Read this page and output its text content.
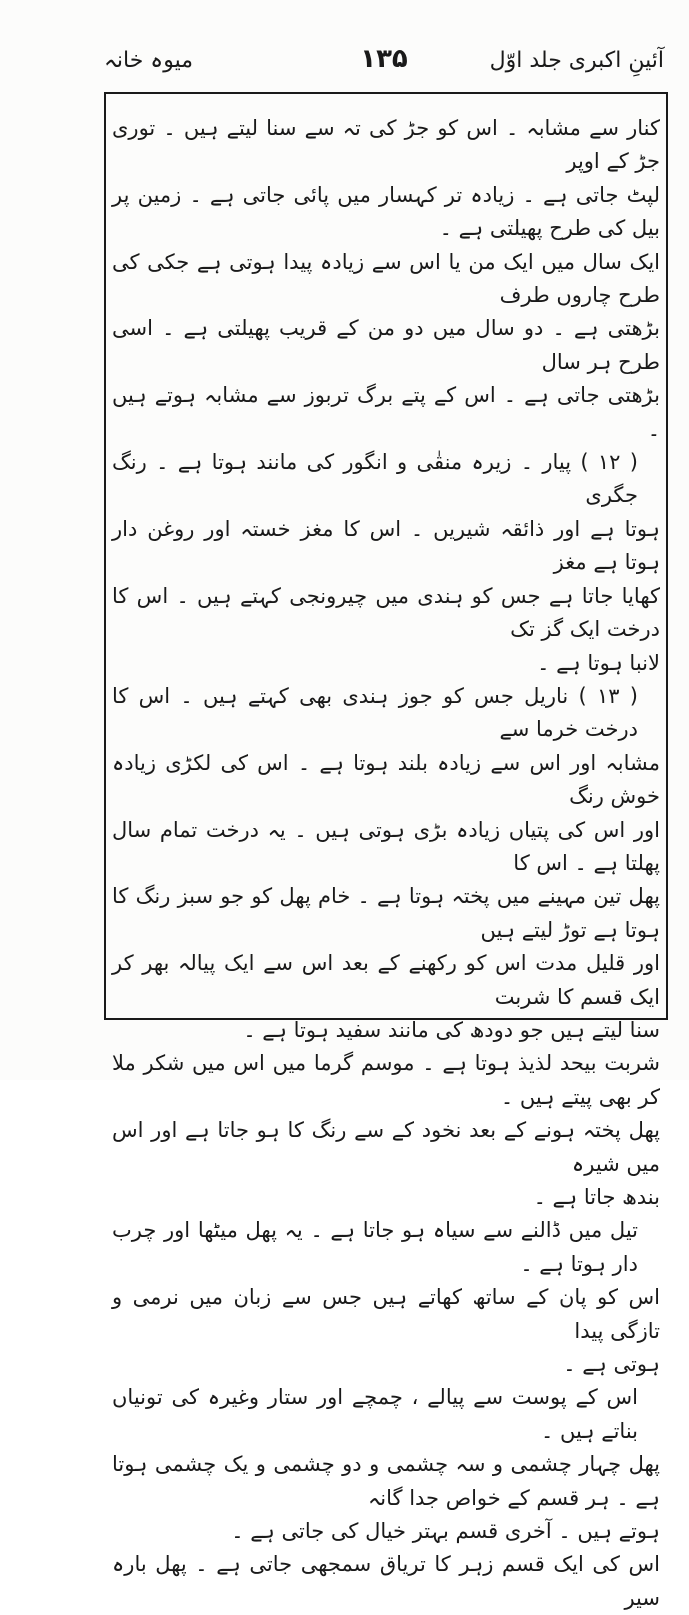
آئینِ اکبری جلد اوّل
۱۳۵
میوہ خانہ

کنار سے مشابہ ۔ اس کو جڑ کی تہ سے سنا لیتے ہیں ۔ توری جڑ کے اوپر

لپٹ جاتی ہے ۔ زیادہ تر کہسار میں پائی جاتی ہے ۔ زمین پر بیل کی طرح پھیلتی ہے ۔

ایک سال میں ایک من یا اس سے زیادہ پیدا ہوتی ہے جکی کی طرح چاروں طرف

بڑھتی ہے ۔ دو سال میں دو من کے قریب پھیلتی ہے ۔ اسی طرح ہر سال

بڑھتی جاتی ہے ۔ اس کے پتے برگ تربوز سے مشابہ ہوتے ہیں ۔

( ۱۲ ) پیار ۔ زیرہ منقٰی و انگور کی مانند ہوتا ہے ۔ رنگ جگری

ہوتا ہے اور ذائقہ شیریں ۔ اس کا مغز خستہ اور روغن دار ہوتا ہے مغز

کھایا جاتا ہے جس کو ہندی میں چیرونجی کہتے ہیں ۔ اس کا درخت ایک گز تک

لانبا ہوتا ہے ۔

( ۱۳ ) ناریل جس کو جوز ہندی بھی کہتے ہیں ۔ اس کا درخت خرما سے

مشابہ اور اس سے زیادہ بلند ہوتا ہے ۔ اس کی لکڑی زیادہ خوش رنگ

اور اس کی پتیاں زیادہ بڑی ہوتی ہیں ۔ یہ درخت تمام سال پھلتا ہے ۔ اس کا

پھل تین مہینے میں پختہ ہوتا ہے ۔ خام پھل کو جو سبز رنگ کا ہوتا ہے توڑ لیتے ہیں

اور قلیل مدت اس کو رکھنے کے بعد اس سے ایک پیالہ بھر کر ایک قسم کا شربت

سنا لیتے ہیں جو دودھ کی مانند سفید ہوتا ہے ۔

شربت بیحد لذیذ ہوتا ہے ۔ موسم گرما میں اس میں شکر ملا کر بھی پیتے ہیں ۔

پھل پختہ ہونے کے بعد نخود کے سے رنگ کا ہو جاتا ہے اور اس میں شیرہ

بندھ جاتا ہے ۔

تیل میں ڈالنے سے سیاہ ہو جاتا ہے ۔ یہ پھل میٹھا اور چرب دار ہوتا ہے ۔

اس کو پان کے ساتھ کھاتے ہیں جس سے زبان میں نرمی و تازگی پیدا

ہوتی ہے ۔

اس کے پوست سے پیالے ، چمچے اور ستار وغیرہ کی تونیاں بناتے ہیں ۔

پھل چہار چشمی و سہ چشمی و دو چشمی و یک چشمی ہوتا ہے ۔ ہر قسم کے خواص جدا گانہ

ہوتے ہیں ۔ آخری قسم بہتر خیال کی جاتی ہے ۔

اس کی ایک قسم زہر کا تریاق سمجھی جاتی ہے ۔ پھل بارہ سیر
